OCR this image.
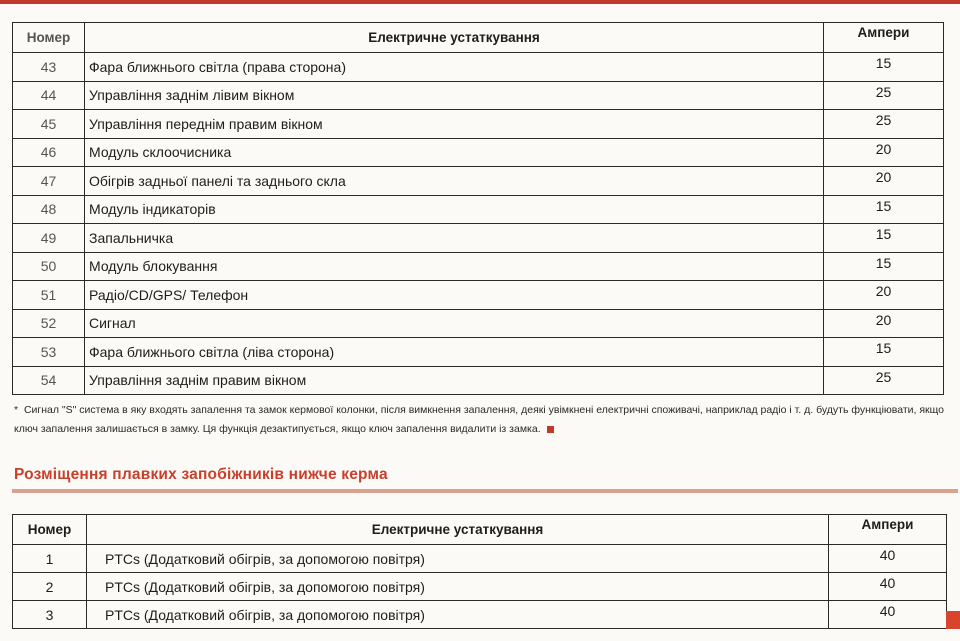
Номер	Електричне устаткування	Ампери
43	Фара ближнього світла (права сторона)	15
44	Управління заднім лівим вікном	25
45	Управління переднім правим вікном	25
46	Модуль склоочисника	20
47	Обігрів задньої панелі та заднього скла	20
48	Модуль індикаторів	15
49	Запальничка	15
50	Модуль блокування	15
51	Радіо/CD/GPS/ Телефон	20
52	Сигнал	20
53	Фара ближнього світла (ліва сторона)	15
54	Управління заднім правим вікном	25
* Сигнал "S" система в яку входять запалення та замок кермової колонки, після вимкнення запалення, деякі увімкнені електричні споживачі, наприклад радіо і т. д. будуть функціювати, якщо ключ запалення залишається в замку. Ця функція дезактипується, якщо ключ запалення видалити із замка.
Розміщення плавких запобіжників нижче керма
Номер	Електричне устаткування	Ампери
1	PTCs (Додатковий обігрів, за допомогою повітря)	40
2	PTCs (Додатковий обігрів, за допомогою повітря)	40
3	PTCs (Додатковий обігрів, за допомогою повітря)	40
